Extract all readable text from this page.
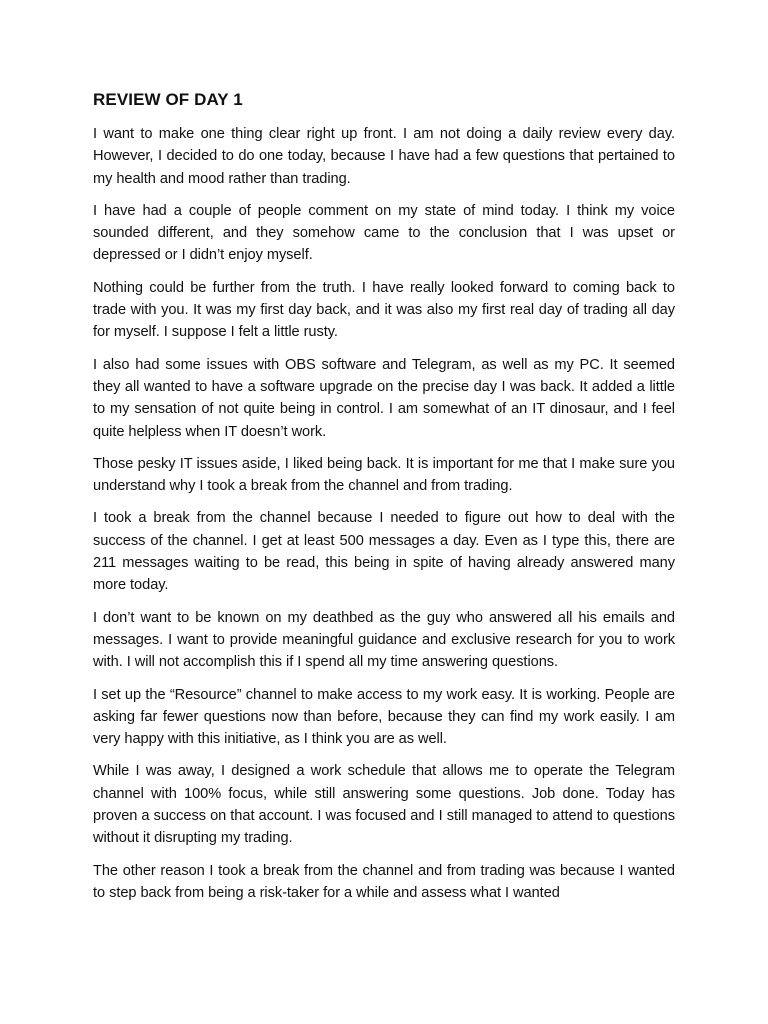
REVIEW OF DAY 1

I want to make one thing clear right up front. I am not doing a daily review every day. However, I decided to do one today, because I have had a few questions that pertained to my health and mood rather than trading.

I have had a couple of people comment on my state of mind today. I think my voice sounded different, and they somehow came to the conclusion that I was upset or depressed or I didn’t enjoy myself.

Nothing could be further from the truth. I have really looked forward to coming back to trade with you. It was my first day back, and it was also my first real day of trading all day for myself. I suppose I felt a little rusty.

I also had some issues with OBS software and Telegram, as well as my PC. It seemed they all wanted to have a software upgrade on the precise day I was back. It added a little to my sensation of not quite being in control. I am somewhat of an IT dinosaur, and I feel quite helpless when IT doesn’t work.

Those pesky IT issues aside, I liked being back. It is important for me that I make sure you understand why I took a break from the channel and from trading.

I took a break from the channel because I needed to figure out how to deal with the success of the channel. I get at least 500 messages a day. Even as I type this, there are 211 messages waiting to be read, this being in spite of having already answered many more today.

I don’t want to be known on my deathbed as the guy who answered all his emails and messages. I want to provide meaningful guidance and exclusive research for you to work with. I will not accomplish this if I spend all my time answering questions.

I set up the “Resource” channel to make access to my work easy. It is working. People are asking far fewer questions now than before, because they can find my work easily. I am very happy with this initiative, as I think you are as well.

While I was away, I designed a work schedule that allows me to operate the Telegram channel with 100% focus, while still answering some questions. Job done. Today has proven a success on that account. I was focused and I still managed to attend to questions without it disrupting my trading.

The other reason I took a break from the channel and from trading was because I wanted to step back from being a risk-taker for a while and assess what I wanted
